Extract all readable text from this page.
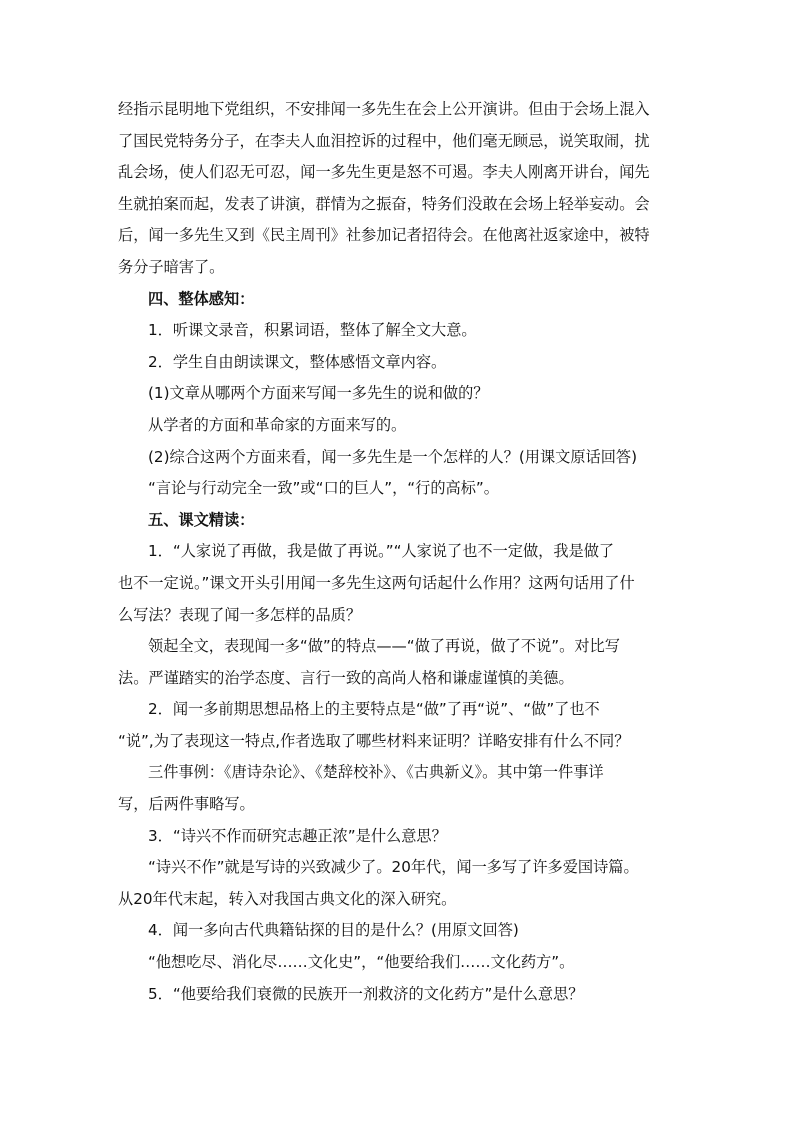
经指示昆明地下党组织，不安排闻一多先生在会上公开演讲。但由于会场上混入
了国民党特务分子，在李夫人血泪控诉的过程中，他们毫无顾忌，说笑取闹，扰
乱会场，使人们忍无可忍，闻一多先生更是怒不可遏。李夫人刚离开讲台，闻先
生就拍案而起，发表了讲演，群情为之振奋，特务们没敢在会场上轻举妄动。会
后，闻一多先生又到《民主周刊》社参加记者招待会。在他离社返家途中，被特
务分子暗害了。
四、整体感知：
1．听课文录音，积累词语，整体了解全文大意。
2．学生自由朗读课文，整体感悟文章内容。
(1)文章从哪两个方面来写闻一多先生的说和做的？
从学者的方面和革命家的方面来写的。
(2)综合这两个方面来看，闻一多先生是一个怎样的人？(用课文原话回答)
“言论与行动完全一致”或“口的巨人”，“行的高标”。
五、课文精读：
1．“人家说了再做，我是做了再说。”“人家说了也不一定做，我是做了
也不一定说。”课文开头引用闻一多先生这两句话起什么作用？这两句话用了什
么写法？表现了闻一多怎样的品质？
领起全文，表现闻一多“做”的特点——“做了再说，做了不说”。对比写
法。严谨踏实的治学态度、言行一致的高尚人格和谦虚谨慎的美德。
2．闻一多前期思想品格上的主要特点是“做”了再“说”、“做”了也不
“说”,为了表现这一特点,作者选取了哪些材料来证明？详略安排有什么不同？
三件事例：《唐诗杂论》、《楚辞校补》、《古典新义》。其中第一件事详
写，后两件事略写。
3．“诗兴不作而研究志趣正浓”是什么意思？
“诗兴不作”就是写诗的兴致减少了。20年代，闻一多写了许多爱国诗篇。
从20年代末起，转入对我国古典文化的深入研究。
4．闻一多向古代典籍钻探的目的是什么？(用原文回答)
“他想吃尽、消化尽……文化史”，“他要给我们……文化药方”。
5．“他要给我们衰微的民族开一剂救济的文化药方”是什么意思？
